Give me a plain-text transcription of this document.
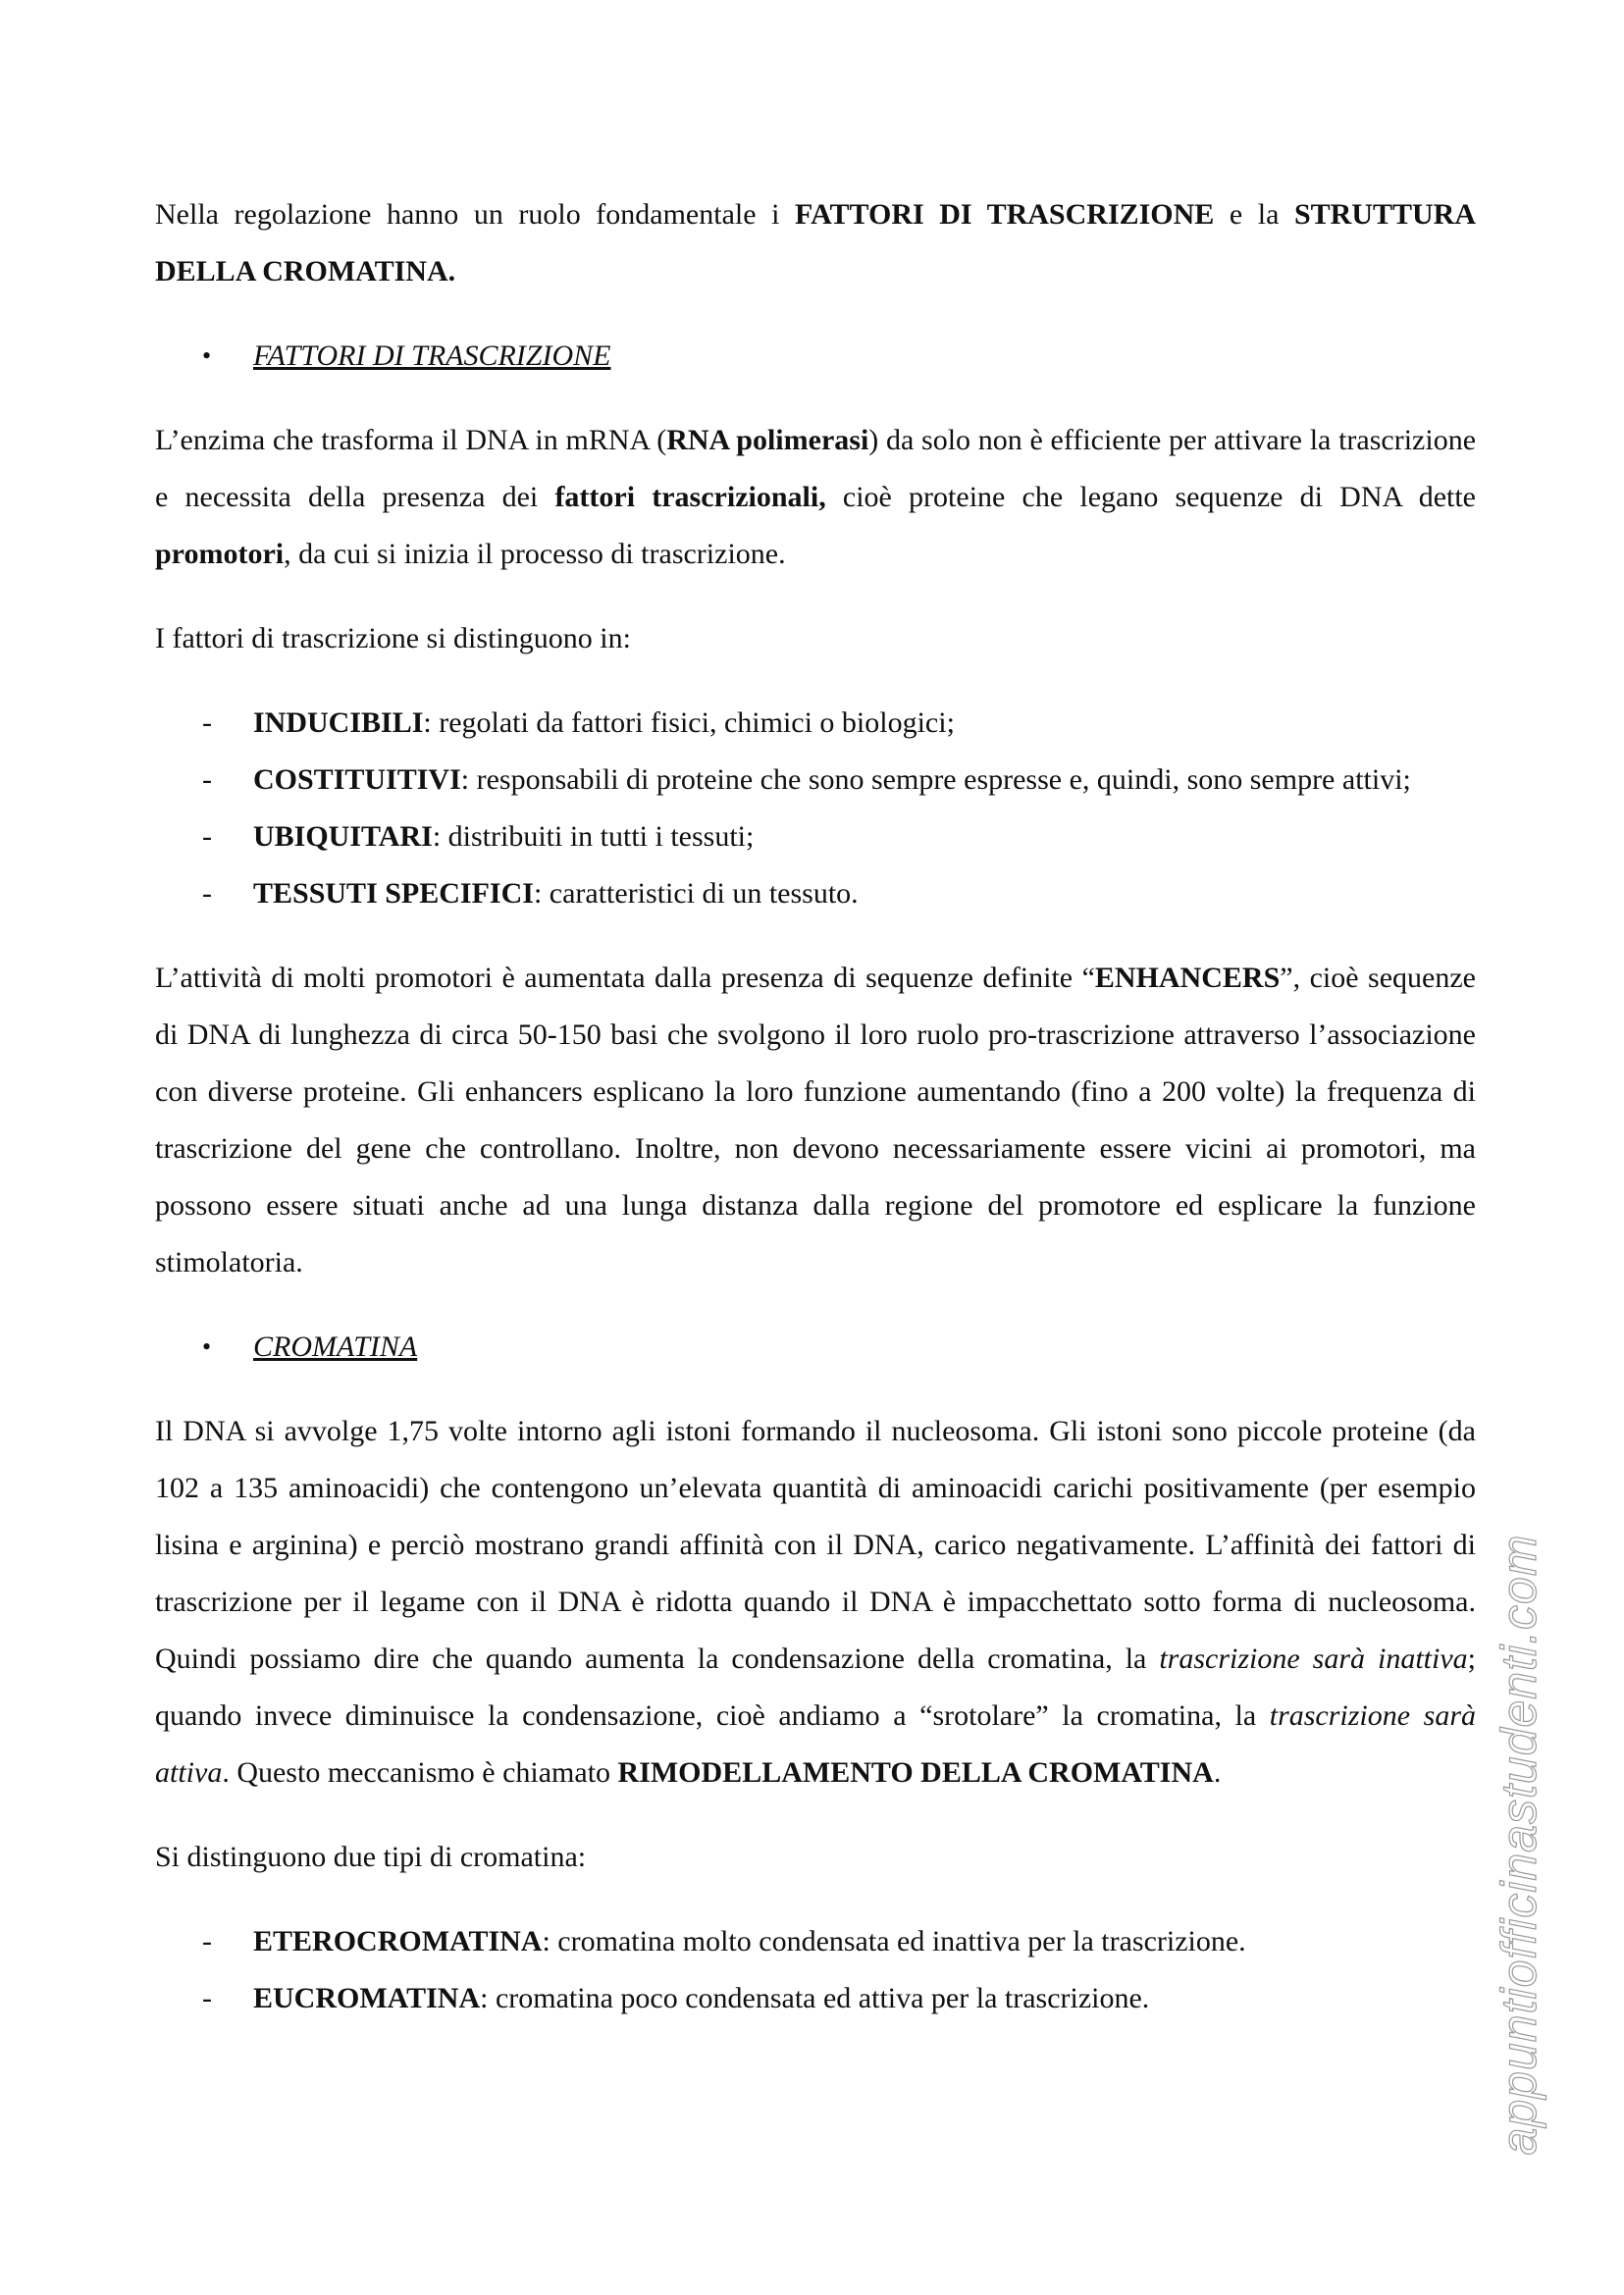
Nella regolazione hanno un ruolo fondamentale i FATTORI DI TRASCRIZIONE e la STRUTTURA DELLA CROMATINA.

• FATTORI DI TRASCRIZIONE

L’enzima che trasforma il DNA in mRNA (RNA polimerasi) da solo non è efficiente per attivare la trascrizione e necessita della presenza dei fattori trascrizionali, cioè proteine che legano sequenze di DNA dette promotori, da cui si inizia il processo di trascrizione.

I fattori di trascrizione si distinguono in:

- INDUCIBILI: regolati da fattori fisici, chimici o biologici;
- COSTITUITIVI: responsabili di proteine che sono sempre espresse e, quindi, sono sempre attivi;
- UBIQUITARI: distribuiti in tutti i tessuti;
- TESSUTI SPECIFICI: caratteristici di un tessuto.

L’attività di molti promotori è aumentata dalla presenza di sequenze definite “ENHANCERS”, cioè sequenze di DNA di lunghezza di circa 50-150 basi che svolgono il loro ruolo pro-trascrizione attraverso l’associazione con diverse proteine. Gli enhancers esplicano la loro funzione aumentando (fino a 200 volte) la frequenza di trascrizione del gene che controllano. Inoltre, non devono necessariamente essere vicini ai promotori, ma possono essere situati anche ad una lunga distanza dalla regione del promotore ed esplicare la funzione stimolatoria.

• CROMATINA

Il DNA si avvolge 1,75 volte intorno agli istoni formando il nucleosoma. Gli istoni sono piccole proteine (da 102 a 135 aminoacidi) che contengono un’elevata quantità di aminoacidi carichi positivamente (per esempio lisina e arginina) e perciò mostrano grandi affinità con il DNA, carico negativamente. L’affinità dei fattori di trascrizione per il legame con il DNA è ridotta quando il DNA è impacchettato sotto forma di nucleosoma. Quindi possiamo dire che quando aumenta la condensazione della cromatina, la trascrizione sarà inattiva; quando invece diminuisce la condensazione, cioè andiamo a “srotolare” la cromatina, la trascrizione sarà attiva. Questo meccanismo è chiamato RIMODELLAMENTO DELLA CROMATINA.

Si distinguono due tipi di cromatina:

- ETEROCROMATINA: cromatina molto condensata ed inattiva per la trascrizione.
- EUCROMATINA: cromatina poco condensata ed attiva per la trascrizione.	appuntiofficinastudenti.com
